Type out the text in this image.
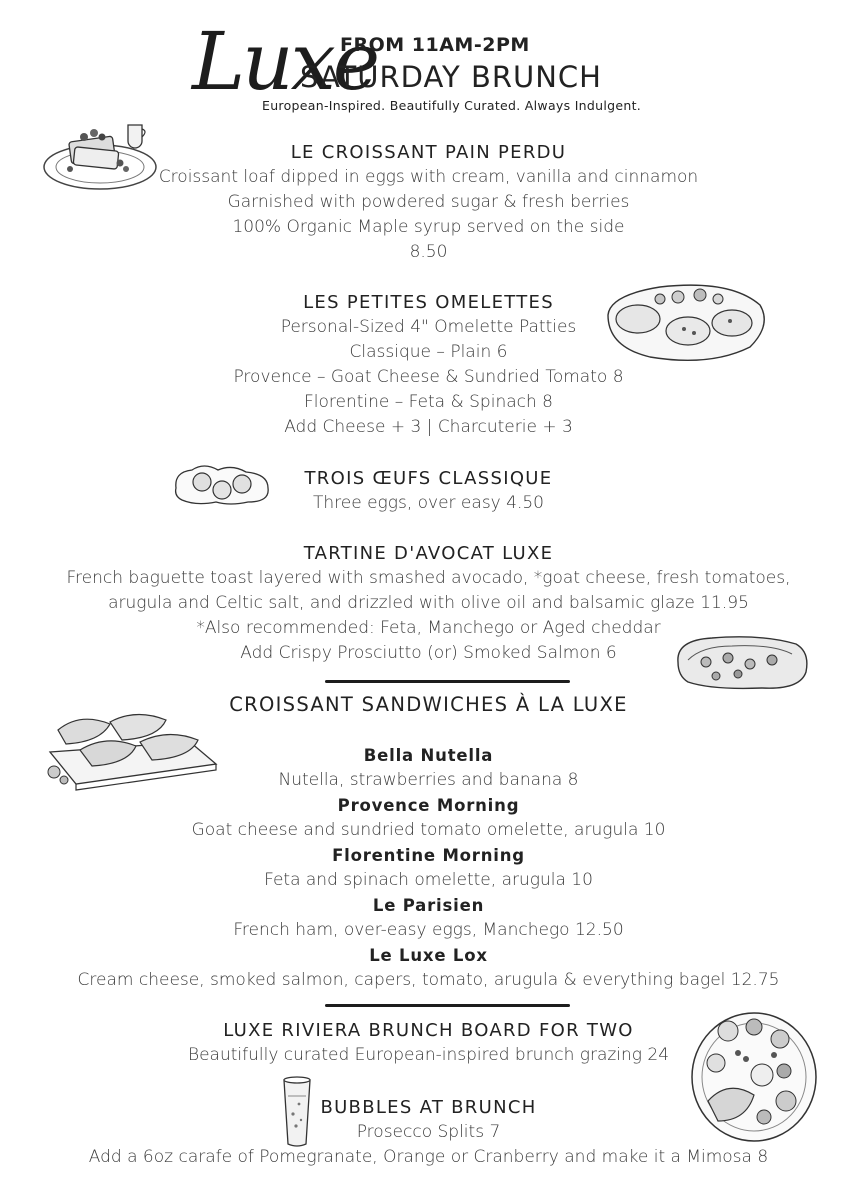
Luxe
FROM 11AM-2PM
SATURDAY BRUNCH
European-Inspired. Beautifully Curated. Always Indulgent.
LE CROISSANT PAIN PERDU
Croissant loaf dipped in eggs with cream, vanilla and cinnamon
Garnished with powdered sugar & fresh berries
100% Organic Maple syrup served on the side
8.50
LES PETITES OMELETTES
Personal-Sized 4" Omelette Patties
Classique – Plain 6
Provence – Goat Cheese & Sundried Tomato 8
Florentine – Feta & Spinach 8
Add Cheese + 3 | Charcuterie + 3
TROIS ŒUFS CLASSIQUE
Three eggs, over easy 4.50
TARTINE D'AVOCAT LUXE
French baguette toast layered with smashed avocado, *goat cheese, fresh tomatoes,
arugula and Celtic salt, and drizzled with olive oil and balsamic glaze 11.95
*Also recommended: Feta, Manchego or Aged cheddar
Add Crispy Prosciutto (or) Smoked Salmon 6
CROISSANT SANDWICHES À LA LUXE
Bella Nutella
Nutella, strawberries and banana 8
Provence Morning
Goat cheese and sundried tomato omelette, arugula 10
Florentine Morning
Feta and spinach omelette, arugula 10
Le Parisien
French ham, over-easy eggs, Manchego 12.50
Le Luxe Lox
Cream cheese, smoked salmon, capers, tomato, arugula & everything bagel 12.75
LUXE RIVIERA BRUNCH BOARD FOR TWO
Beautifully curated European-inspired brunch grazing 24
BUBBLES AT BRUNCH
Prosecco Splits 7
Add a 6oz carafe of Pomegranate, Orange or Cranberry and make it a Mimosa 8
